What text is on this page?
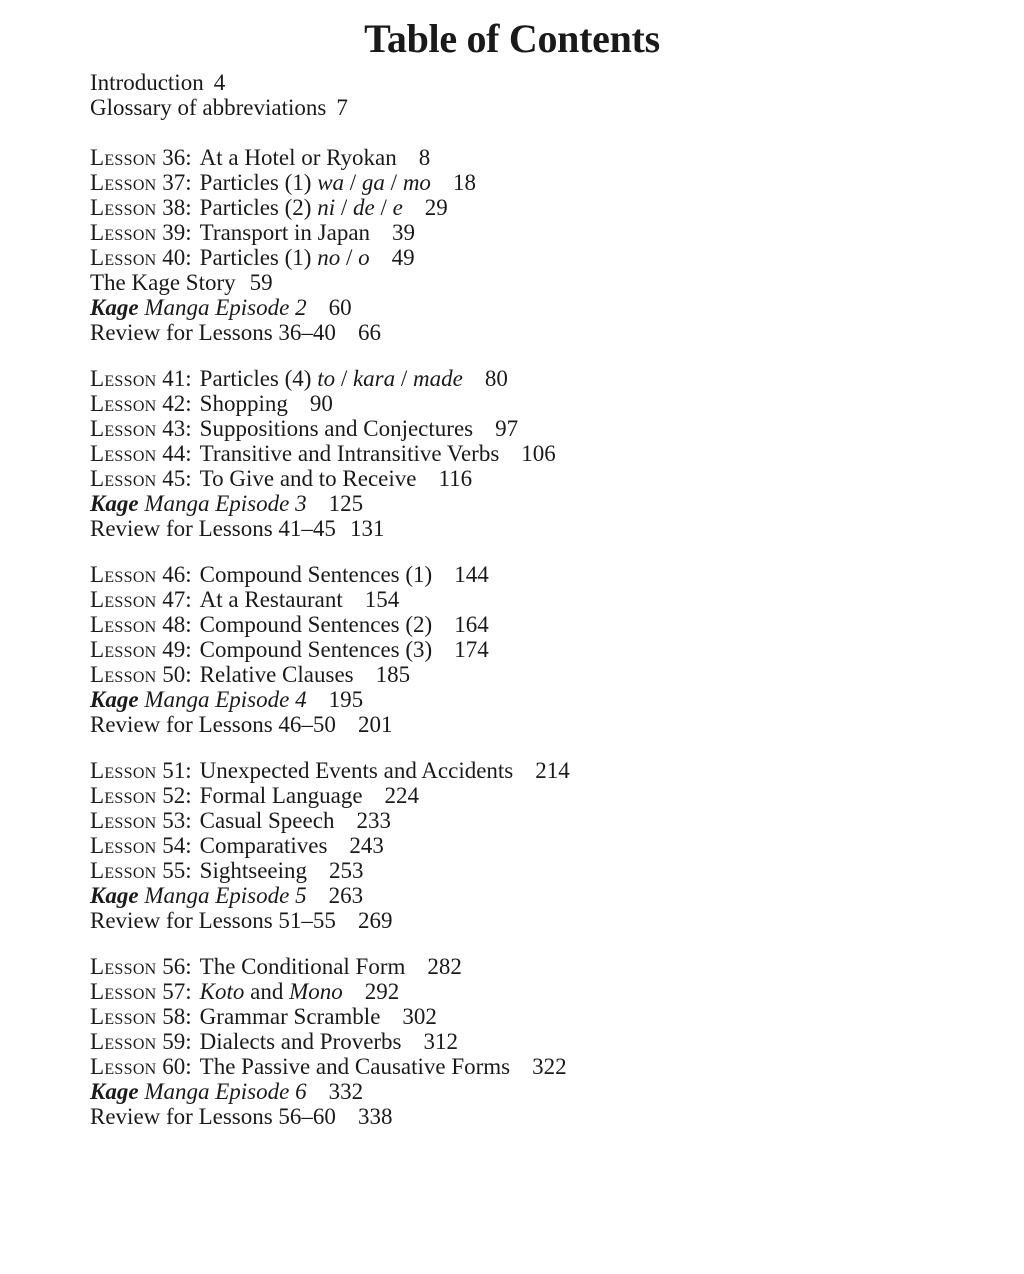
Table of Contents
Introduction 4
Glossary of abbreviations 7
Lesson 36: At a Hotel or Ryokan 8
Lesson 37: Particles (1) wa / ga / mo 18
Lesson 38: Particles (2) ni / de / e 29
Lesson 39: Transport in Japan 39
Lesson 40: Particles (1) no / o 49
The Kage Story 59
Kage Manga Episode 2 60
Review for Lessons 36–40 66
Lesson 41: Particles (4) to / kara / made 80
Lesson 42: Shopping 90
Lesson 43: Suppositions and Conjectures 97
Lesson 44: Transitive and Intransitive Verbs 106
Lesson 45: To Give and to Receive 116
Kage Manga Episode 3 125
Review for Lessons 41–45 131
Lesson 46: Compound Sentences (1) 144
Lesson 47: At a Restaurant 154
Lesson 48: Compound Sentences (2) 164
Lesson 49: Compound Sentences (3) 174
Lesson 50: Relative Clauses 185
Kage Manga Episode 4 195
Review for Lessons 46–50 201
Lesson 51: Unexpected Events and Accidents 214
Lesson 52: Formal Language 224
Lesson 53: Casual Speech 233
Lesson 54: Comparatives 243
Lesson 55: Sightseeing 253
Kage Manga Episode 5 263
Review for Lessons 51–55 269
Lesson 56: The Conditional Form 282
Lesson 57: Koto and Mono 292
Lesson 58: Grammar Scramble 302
Lesson 59: Dialects and Proverbs 312
Lesson 60: The Passive and Causative Forms 322
Kage Manga Episode 6 332
Review for Lessons 56–60 338
